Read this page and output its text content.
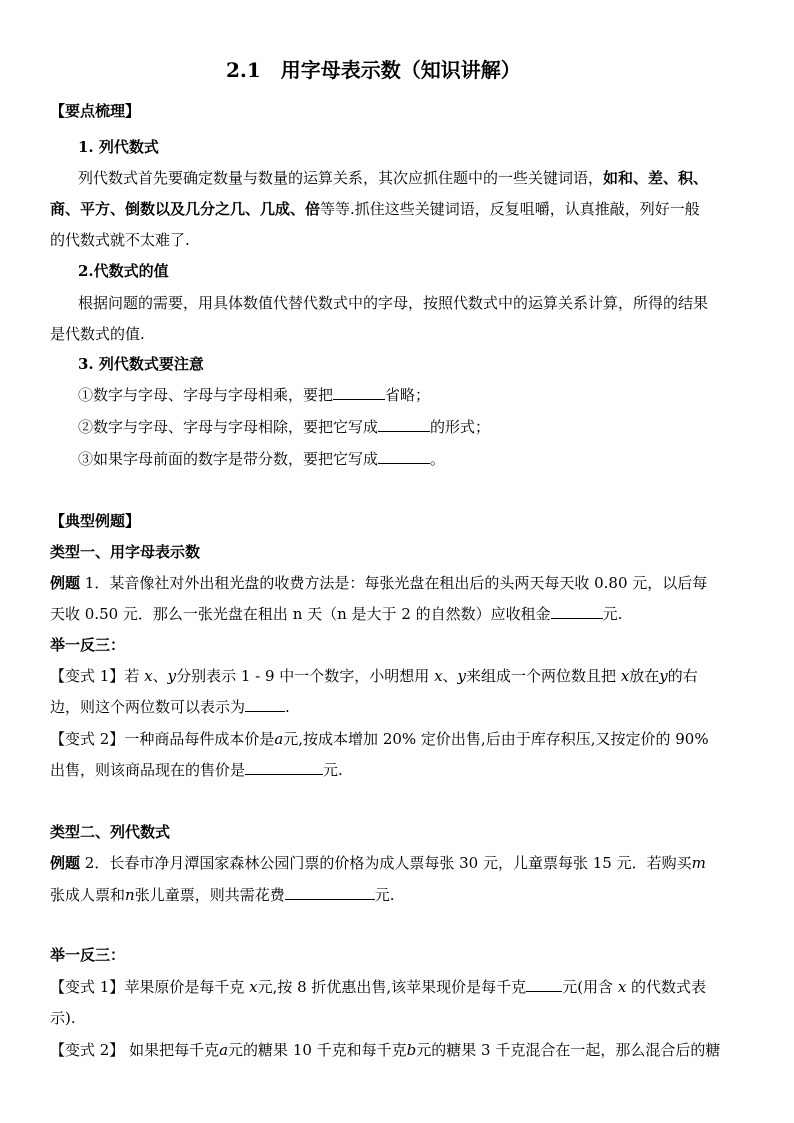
2.1　用字母表示数（知识讲解）
【要点梳理】
1. 列代数式
列代数式首先要确定数量与数量的运算关系，其次应抓住题中的一些关键词语，如和、差、积、
商、平方、倒数以及几分之几、几成、倍等等.抓住这些关键词语，反复咀嚼，认真推敲，列好一般
的代数式就不太难了.
2.代数式的值
根据问题的需要，用具体数值代替代数式中的字母，按照代数式中的运算关系计算，所得的结果
是代数式的值.
3. 列代数式要注意
①数字与字母、字母与字母相乘，要把	省略；
②数字与字母、字母与字母相除，要把它写成	的形式；
③如果字母前面的数字是带分数，要把它写成	。
【典型例题】
类型一、用字母表示数
例题 1．某音像社对外出租光盘的收费方法是：每张光盘在租出后的头两天每天收 0.80 元，以后每
天收 0.50 元．那么一张光盘在租出 n 天（n 是大于 2 的自然数）应收租金	元.
举一反三：
【变式 1】若 x、y分别表示 1 - 9 中一个数字，小明想用 x、y来组成一个两位数且把 x放在y的右
边，则这个两位数可以表示为	.
【变式 2】一种商品每件成本价是a元,按成本增加 20% 定价出售,后由于库存积压,又按定价的 90%
出售，则该商品现在的售价是	元.
类型二、列代数式
例题 2．长春市净月潭国家森林公园门票的价格为成人票每张 30 元，儿童票每张 15 元．若购买m
张成人票和n张儿童票，则共需花费	元.
举一反三：
【变式 1】苹果原价是每千克 x元,按 8 折优惠出售,该苹果现价是每千克 元(用含 x 的代数式表
示).
【变式 2】 如果把每千克a元的糖果 10 千克和每千克b元的糖果 3 千克混合在一起，那么混合后的糖
